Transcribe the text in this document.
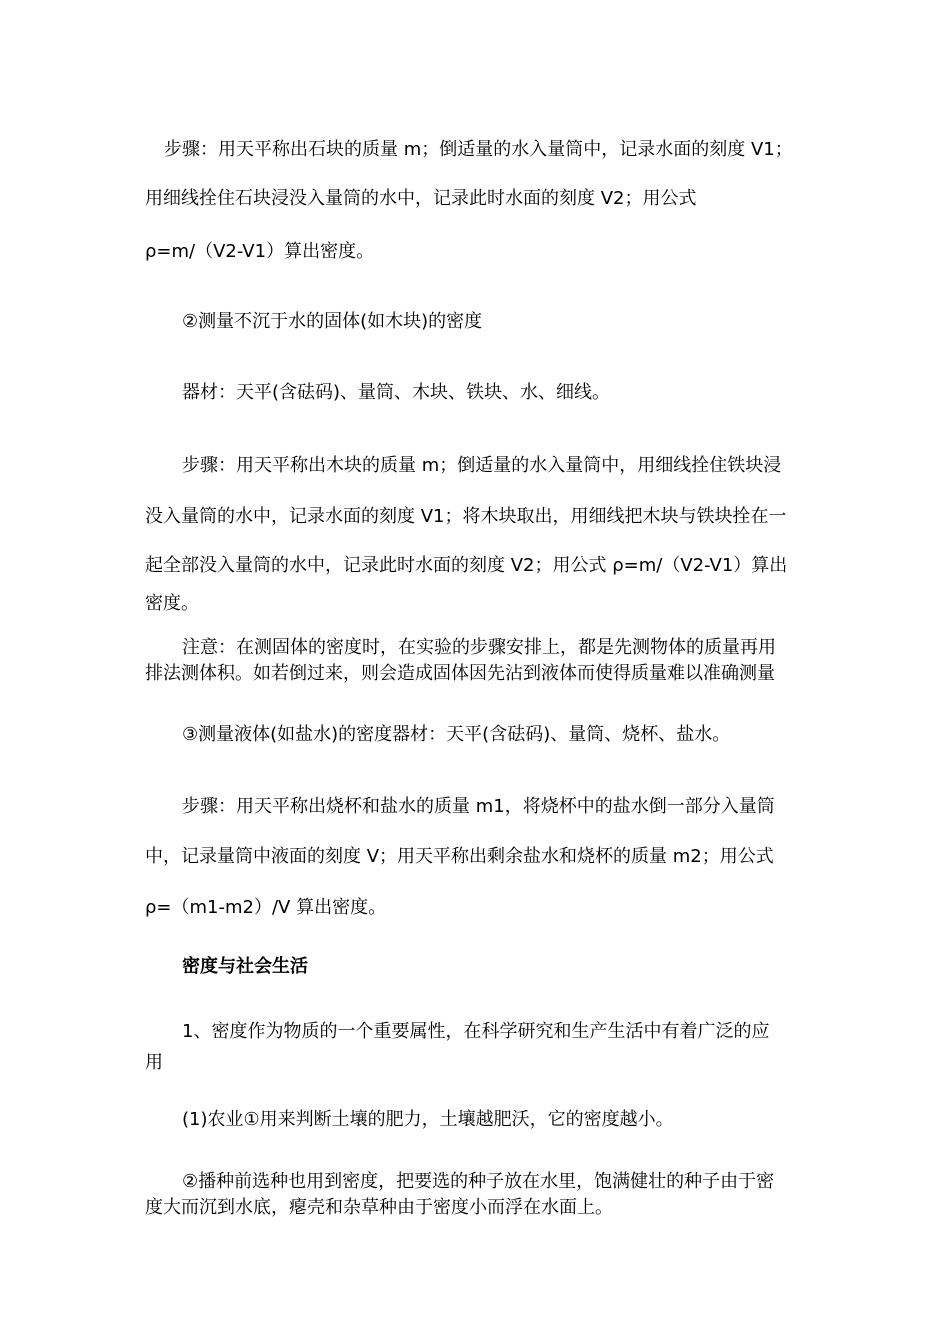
步骤：用天平称出石块的质量 m；倒适量的水入量筒中，记录水面的刻度 V1；
用细线拴住石块浸没入量筒的水中，记录此时水面的刻度 V2；用公式
ρ=m/（V2-V1）算出密度。
②测量不沉于水的固体(如木块)的密度
器材：天平(含砝码)、量筒、木块、铁块、水、细线。
步骤：用天平称出木块的质量 m；倒适量的水入量筒中，用细线拴住铁块浸
没入量筒的水中，记录水面的刻度 V1；将木块取出，用细线把木块与铁块拴在一
起全部没入量筒的水中，记录此时水面的刻度 V2；用公式 ρ=m/（V2-V1）算出
密度。
注意：在测固体的密度时，在实验的步骤安排上，都是先测物体的质量再用
排法测体积。如若倒过来，则会造成固体因先沾到液体而使得质量难以准确测量
③测量液体(如盐水)的密度器材：天平(含砝码)、量筒、烧杯、盐水。
步骤：用天平称出烧杯和盐水的质量 m1，将烧杯中的盐水倒一部分入量筒
中，记录量筒中液面的刻度 V；用天平称出剩余盐水和烧杯的质量 m2；用公式
ρ=（m1-m2）/V 算出密度。
密度与社会生活
1、密度作为物质的一个重要属性，在科学研究和生产生活中有着广泛的应
用
(1)农业①用来判断土壤的肥力，土壤越肥沃，它的密度越小。
②播种前选种也用到密度，把要选的种子放在水里，饱满健壮的种子由于密
度大而沉到水底，瘪壳和杂草种由于密度小而浮在水面上。
